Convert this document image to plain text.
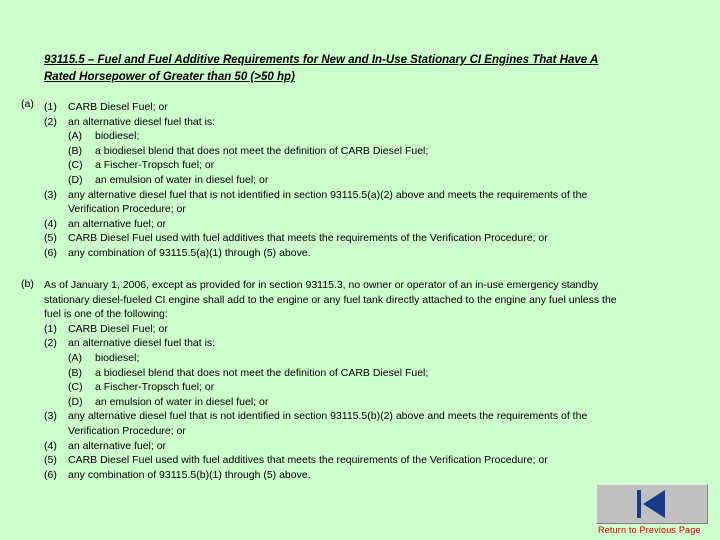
93115.5 – Fuel and Fuel Additive Requirements for New and In-Use Stationary CI Engines That Have A
Rated Horsepower of Greater than 50 (>50 hp)
(a) (1) CARB Diesel Fuel; or
(2) an alternative diesel fuel that is:
(A) biodiesel;
(B) a biodiesel blend that does not meet the definition of CARB Diesel Fuel;
(C) a Fischer-Tropsch fuel; or
(D) an emulsion of water in diesel fuel; or
(3) any alternative diesel fuel that is not identified in section 93115.5(a)(2) above and meets the requirements of the
Verification Procedure; or
(4) an alternative fuel; or
(5) CARB Diesel Fuel used with fuel additives that meets the requirements of the Verification Procedure; or
(6) any combination of 93115.5(a)(1) through (5) above.
(b) As of January 1, 2006, except as provided for in section 93115.3, no owner or operator of an in-use emergency standby
stationary diesel-fueled CI engine shall add to the engine or any fuel tank directly attached to the engine any fuel unless the
fuel is one of the following:
(1) CARB Diesel Fuel; or
(2) an alternative diesel fuel that is:
(A) biodiesel;
(B) a biodiesel blend that does not meet the definition of CARB Diesel Fuel;
(C) a Fischer-Tropsch fuel; or
(D) an emulsion of water in diesel fuel; or
(3) any alternative diesel fuel that is not identified in section 93115.5(b)(2) above and meets the requirements of the
Verification Procedure; or
(4) an alternative fuel; or
(5) CARB Diesel Fuel used with fuel additives that meets the requirements of the Verification Procedure; or
(6) any combination of 93115.5(b)(1) through (5) above.
Return to Previous Page
